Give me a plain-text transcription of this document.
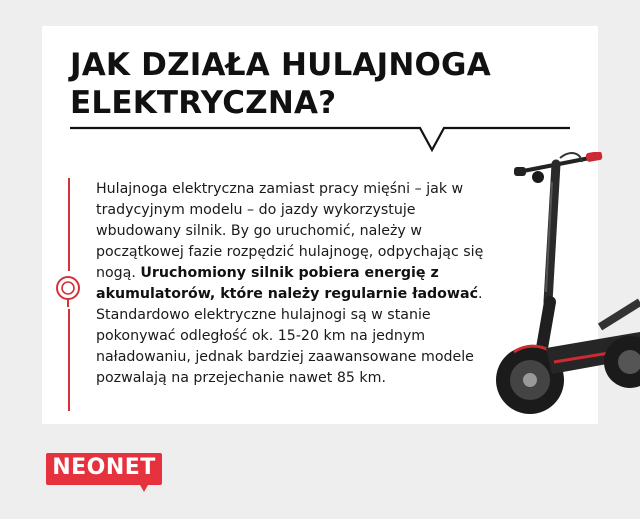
JAK DZIAŁA HULAJNOGA ELEKTRYCZNA?

Hulajnoga elektryczna zamiast pracy mięśni – jak w tradycyjnym modelu – do jazdy wykorzystuje wbudowany silnik. By go uruchomić, należy w początkowej fazie rozpędzić hulajnogę, odpychając się nogą. Uruchomiony silnik pobiera energię z akumulatorów, które należy regularnie ładować. Standardowo elektryczne hulajnogi są w stanie pokonywać odległość ok. 15-20 km na jednym naładowaniu, jednak bardziej zaawansowane modele pozwalają na przejechanie nawet 85 km.

NEONET
